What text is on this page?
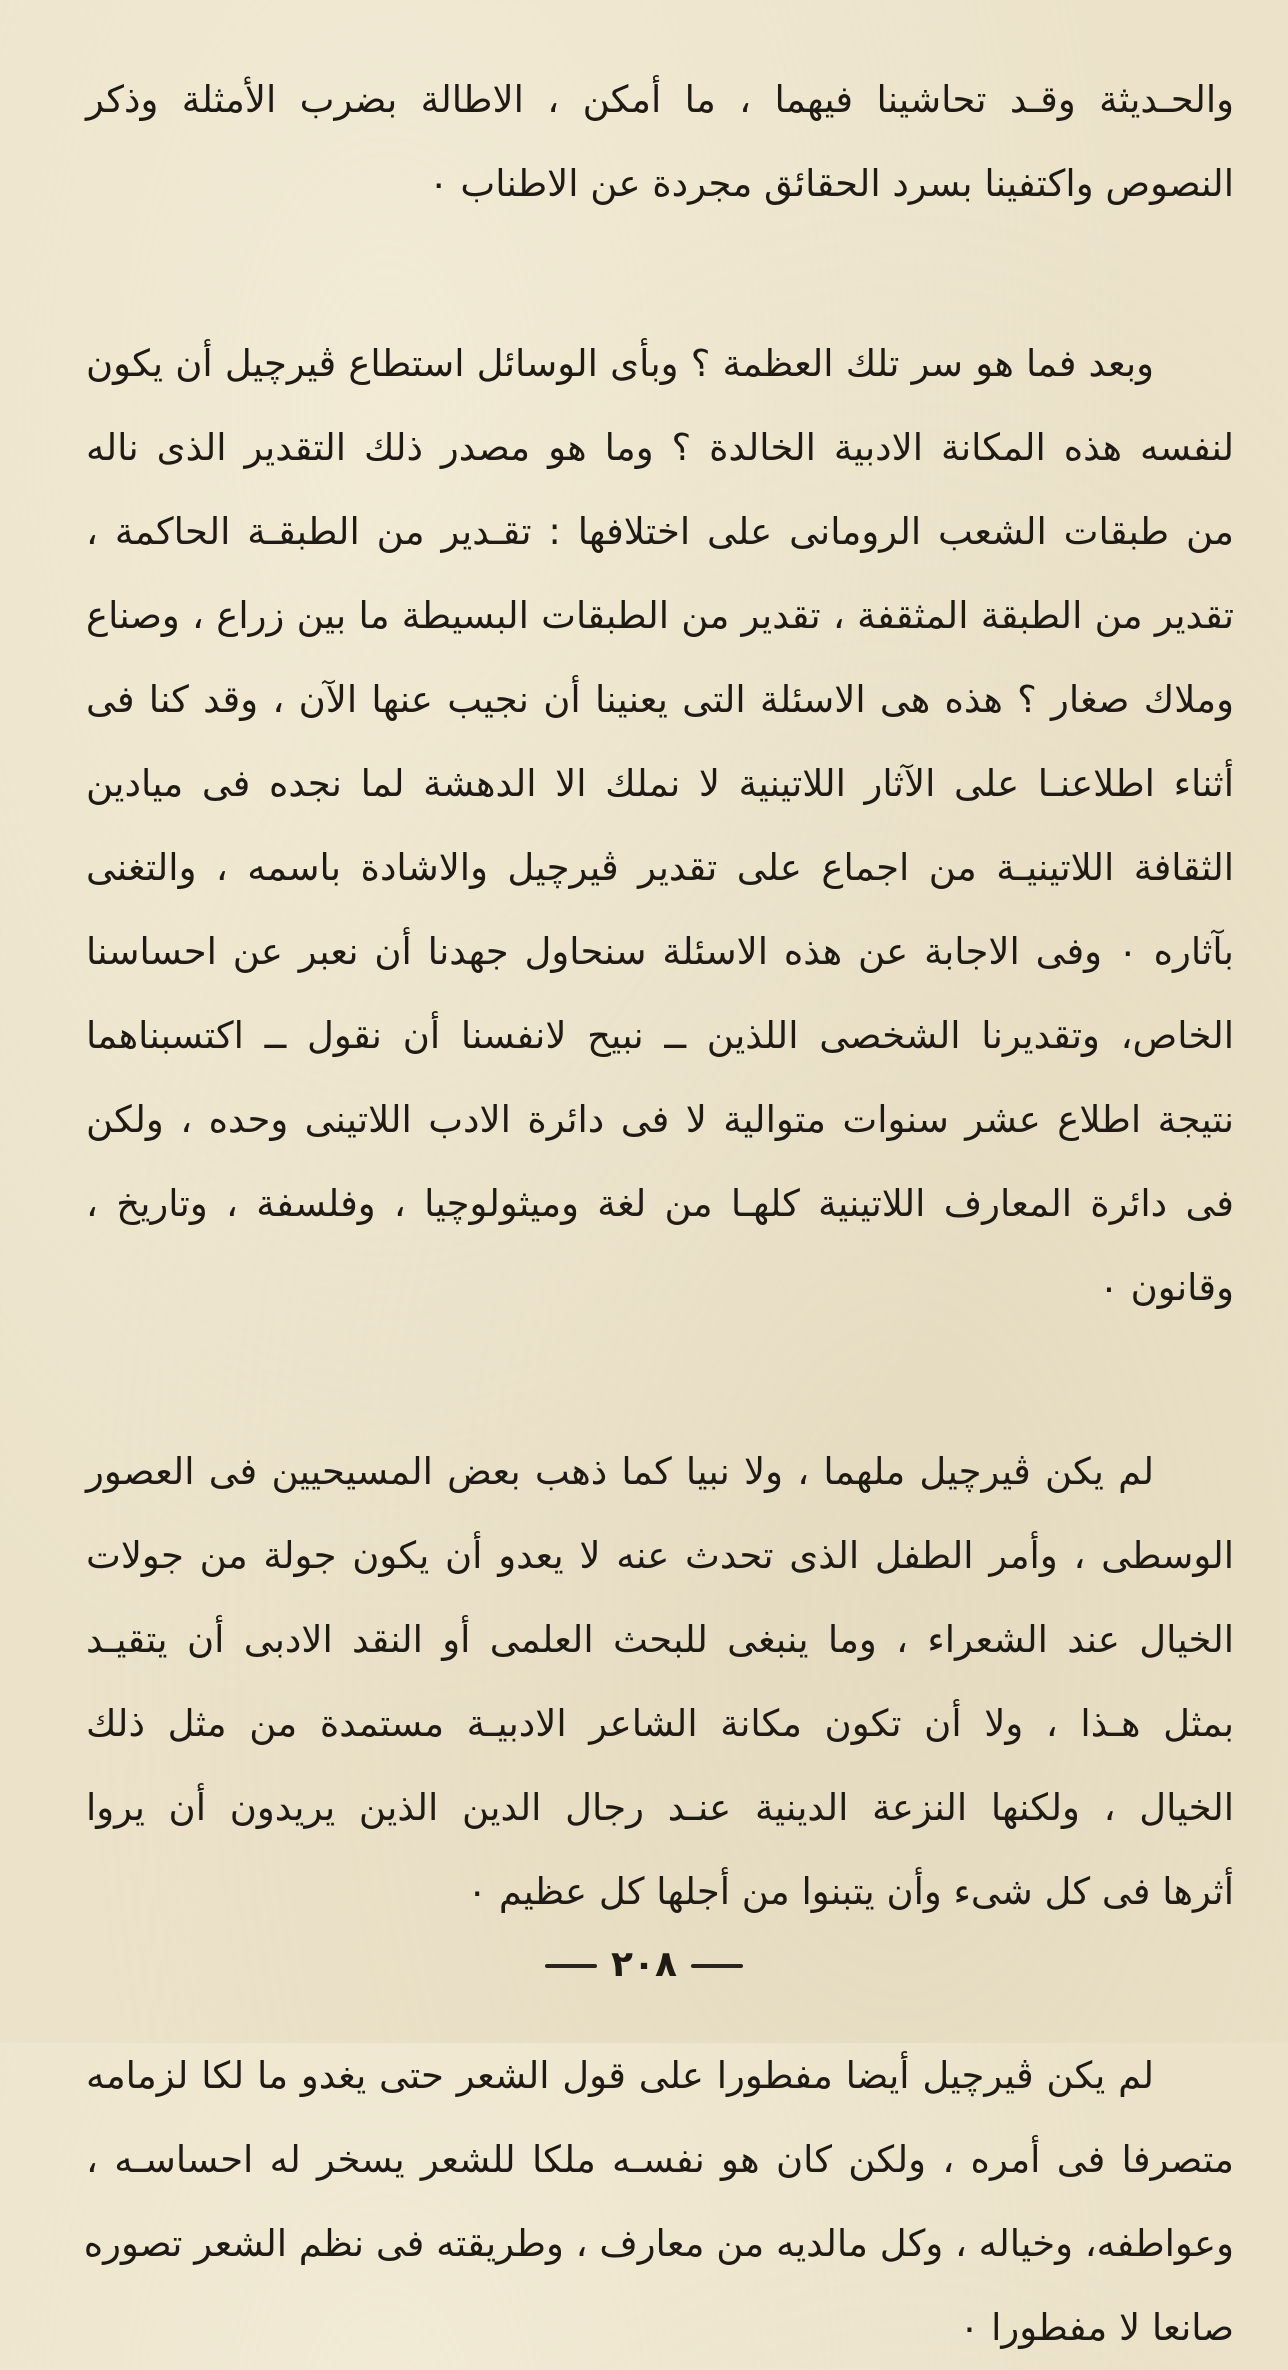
والحـديثة وقـد تحاشينا فيهما ، ما أمكن ، الاطالة بضرب الأمثلة وذكر
النصوص واكتفينا بسرد الحقائق مجردة عن الاطناب ٠
وبعد فما هو سر تلك العظمة ؟ وبأى الوسائل استطاع ڤيرچيل أن يكون
لنفسه هذه المكانة الادبية الخالدة ؟ وما هو مصدر ذلك التقدير الذى ناله
من طبقات الشعب الرومانى على اختلافها : تقـدير من الطبقـة الحاكمة ،
تقدير من الطبقة المثقفة ، تقدير من الطبقات البسيطة ما بين زراع ، وصناع
وملاك صغار ؟ هذه هى الاسئلة التى يعنينا أن نجيب عنها الآن ، وقد كنا فى
أثناء اطلاعنـا على الآثار اللاتينية لا نملك الا الدهشة لما نجده فى ميادين
الثقافة اللاتينيـة من اجماع على تقدير ڤيرچيل والاشادة باسمه ، والتغنى
بآثاره ٠ وفى الاجابة عن هذه الاسئلة سنحاول جهدنا أن نعبر عن احساسنا
الخاص، وتقديرنا الشخصى اللذين ــ نبيح لانفسنا أن نقول ــ اكتسبناهما
نتيجة اطلاع عشر سنوات متوالية لا فى دائرة الادب اللاتينى وحده ، ولكن
فى دائرة المعارف اللاتينية كلهـا من لغة وميثولوچيا ، وفلسفة ، وتاريخ ،
وقانون ٠
لم يكن ڤيرچيل ملهما ، ولا نبيا كما ذهب بعض المسيحيين فى العصور
الوسطى ، وأمر الطفل الذى تحدث عنه لا يعدو أن يكون جولة من جولات
الخيال عند الشعراء ، وما ينبغى للبحث العلمى أو النقد الادبى أن يتقيـد
بمثل هـذا ، ولا أن تكون مكانة الشاعر الادبيـة مستمدة من مثل ذلك
الخيال ، ولكنها النزعة الدينية عنـد رجال الدين الذين يريدون أن يروا
أثرها فى كل شىء وأن يتبنوا من أجلها كل عظيم ٠
لم يكن ڤيرچيل أيضا مفطورا على قول الشعر حتى يغدو ما لكا لزمامه
متصرفا فى أمره ، ولكن كان هو نفسـه ملكا للشعر يسخر له احساسـه ،
وعواطفه، وخياله ، وكل مالديه من معارف ، وطريقته فى نظم الشعر تصوره
صانعا لا مفطورا ٠
٢٠٨
